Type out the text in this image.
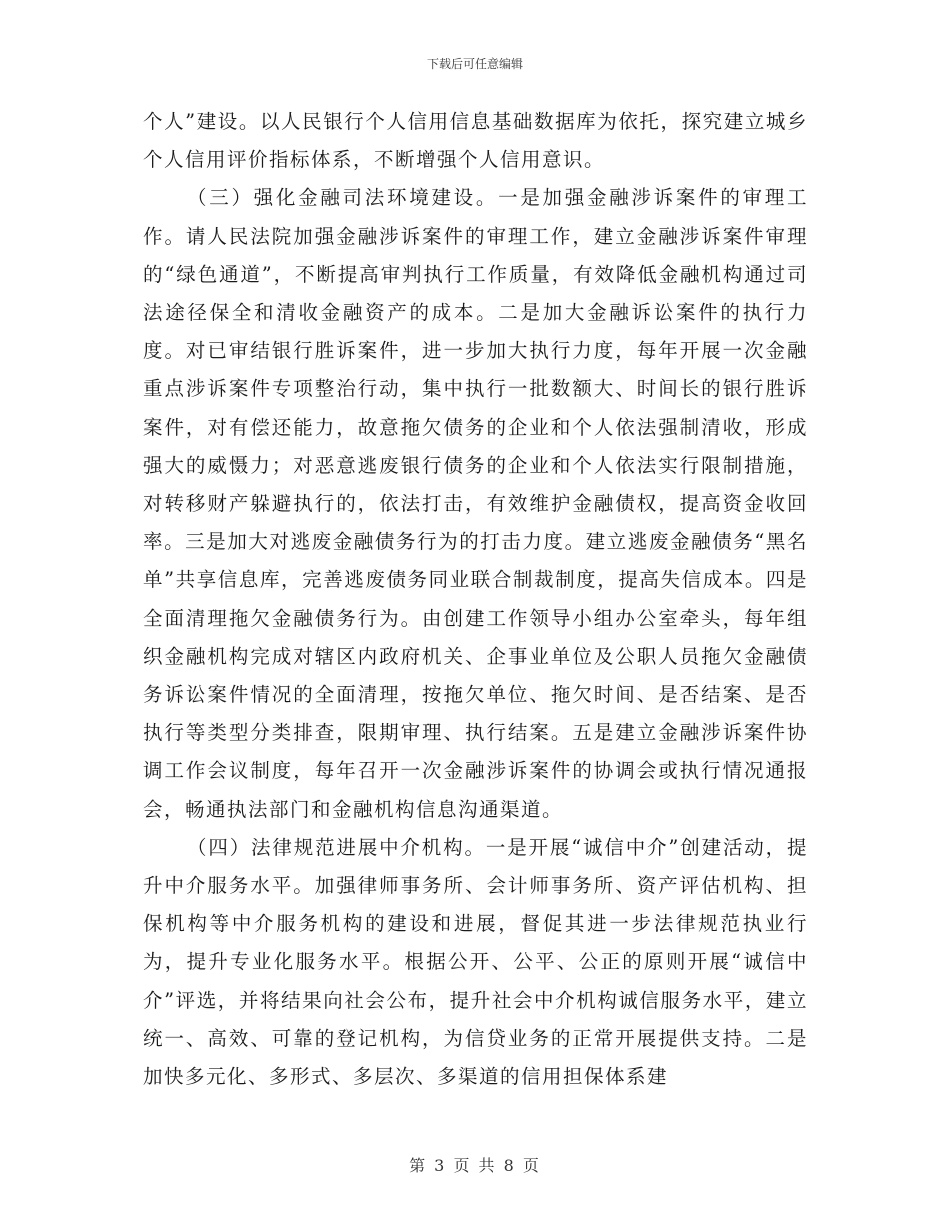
下载后可任意编辑

个人”建设。以人民银行个人信用信息基础数据库为依托，探究建立城乡个人信用评价指标体系，不断增强个人信用意识。

（三）强化金融司法环境建设。一是加强金融涉诉案件的审理工作。请人民法院加强金融涉诉案件的审理工作，建立金融涉诉案件审理的“绿色通道”，不断提高审判执行工作质量，有效降低金融机构通过司法途径保全和清收金融资产的成本。二是加大金融诉讼案件的执行力度。对已审结银行胜诉案件，进一步加大执行力度，每年开展一次金融重点涉诉案件专项整治行动，集中执行一批数额大、时间长的银行胜诉案件，对有偿还能力，故意拖欠债务的企业和个人依法强制清收，形成强大的威慑力；对恶意逃废银行债务的企业和个人依法实行限制措施，对转移财产躲避执行的，依法打击，有效维护金融债权，提高资金收回率。三是加大对逃废金融债务行为的打击力度。建立逃废金融债务“黑名单”共享信息库，完善逃废债务同业联合制裁制度，提高失信成本。四是全面清理拖欠金融债务行为。由创建工作领导小组办公室牵头，每年组织金融机构完成对辖区内政府机关、企事业单位及公职人员拖欠金融债务诉讼案件情况的全面清理，按拖欠单位、拖欠时间、是否结案、是否执行等类型分类排查，限期审理、执行结案。五是建立金融涉诉案件协调工作会议制度，每年召开一次金融涉诉案件的协调会或执行情况通报会，畅通执法部门和金融机构信息沟通渠道。

（四）法律规范进展中介机构。一是开展“诚信中介”创建活动，提升中介服务水平。加强律师事务所、会计师事务所、资产评估机构、担保机构等中介服务机构的建设和进展，督促其进一步法律规范执业行为，提升专业化服务水平。根据公开、公平、公正的原则开展“诚信中介”评选，并将结果向社会公布，提升社会中介机构诚信服务水平，建立统一、高效、可靠的登记机构，为信贷业务的正常开展提供支持。二是加快多元化、多形式、多层次、多渠道的信用担保体系建

第 3 页 共 8 页
